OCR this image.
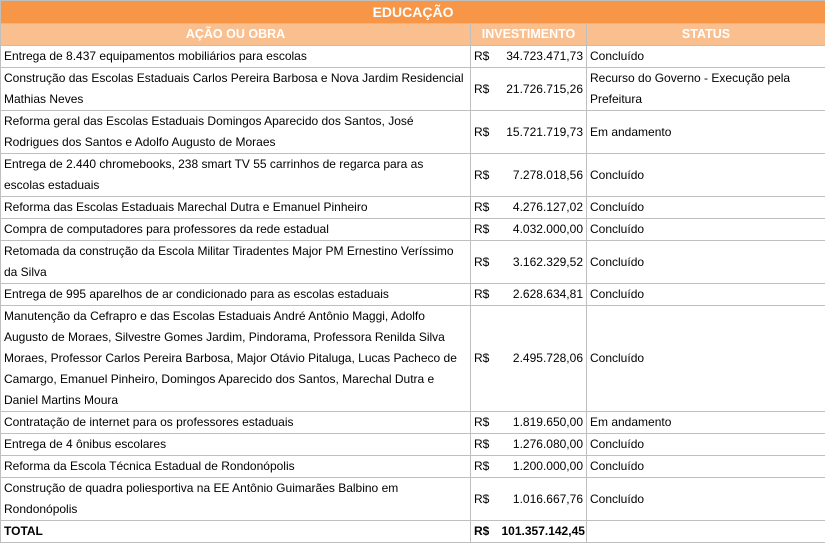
EDUCAÇÃO			
AÇÃO OU OBRA	INVESTIMENTO		STATUS
Entrega de 8.437 equipamentos mobiliários para escolas	R$	34.723.471,73	Concluído
Construção das Escolas Estaduais Carlos Pereira Barbosa e Nova Jardim Residencial Mathias Neves	R$	21.726.715,26	Recurso do Governo - Execução pela Prefeitura
Reforma geral das Escolas Estaduais Domingos Aparecido dos Santos, José Rodrigues dos Santos e Adolfo Augusto de Moraes	R$	15.721.719,73	Em andamento
Entrega de 2.440 chromebooks, 238 smart TV 55 carrinhos de regarca para as escolas estaduais	R$	7.278.018,56	Concluído
Reforma das Escolas Estaduais Marechal Dutra e Emanuel Pinheiro	R$	4.276.127,02	Concluído
Compra de computadores para professores da rede estadual	R$	4.032.000,00	Concluído
Retomada da construção da Escola Militar Tiradentes Major PM Ernestino Veríssimo da Silva	R$	3.162.329,52	Concluído
Entrega de 995 aparelhos de ar condicionado para as escolas estaduais	R$	2.628.634,81	Concluído
Manutenção da Cefrapro e das Escolas Estaduais André Antônio Maggi, Adolfo Augusto de Moraes, Silvestre Gomes Jardim, Pindorama, Professora Renilda Silva Moraes, Professor Carlos Pereira Barbosa, Major Otávio Pitaluga, Lucas Pacheco de Camargo, Emanuel Pinheiro, Domingos Aparecido dos Santos, Marechal Dutra e Daniel Martins Moura	R$	2.495.728,06	Concluído
Contratação de internet para os professores estaduais	R$	1.819.650,00	Em andamento
Entrega de 4 ônibus escolares	R$	1.276.080,00	Concluído
Reforma da Escola Técnica Estadual de Rondonópolis	R$	1.200.000,00	Concluído
Construção de quadra poliesportiva na EE Antônio Guimarães Balbino em Rondonópolis	R$	1.016.667,76	Concluído
TOTAL	R$	101.357.142,45	
